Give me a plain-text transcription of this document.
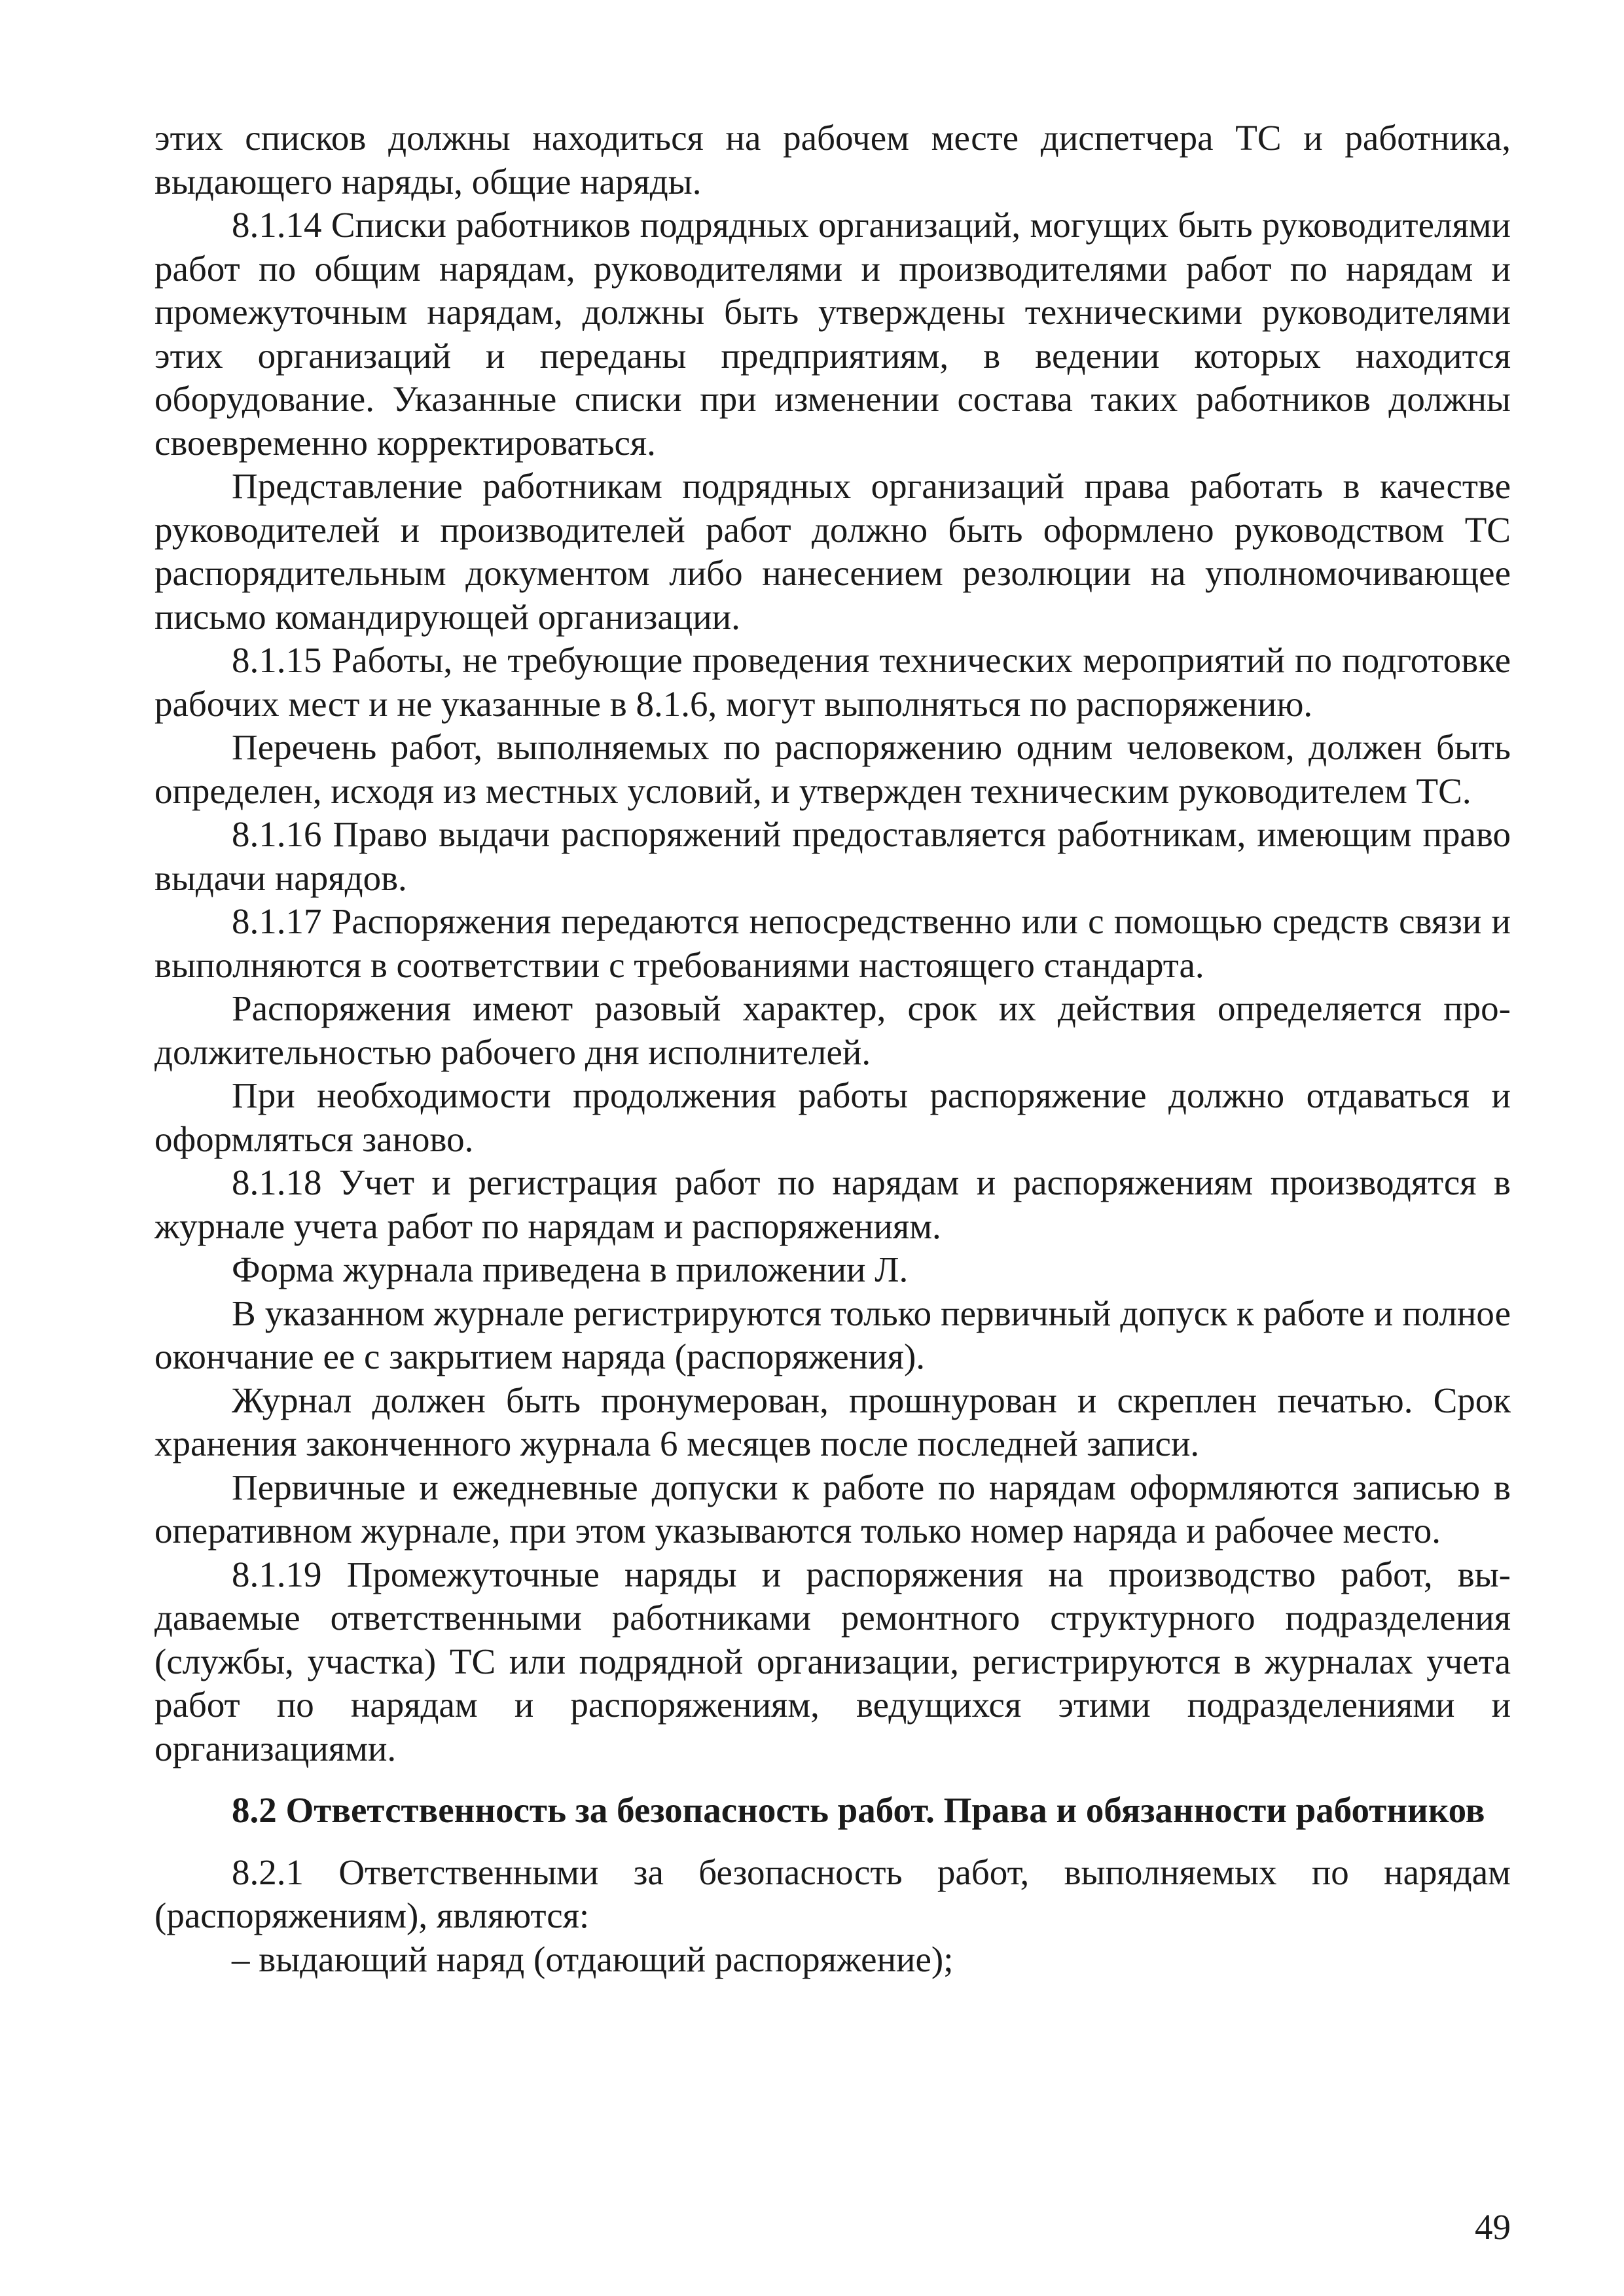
этих списков должны находиться на рабочем месте диспетчера ТС и работника, выдающего наряды, общие наряды.

8.1.14 Списки работников подрядных организаций, могущих быть руководителями работ по общим нарядам, руководителями и производителями работ по нарядам и промежуточным нарядам, должны быть утверждены техническими руководителями этих организаций и переданы предприятиям, в ведении которых находится оборудование. Указанные списки при изменении состава таких работников должны своевременно корректироваться.

Представление работникам подрядных организаций права работать в качестве руководителей и производителей работ должно быть оформлено руководством ТС распорядительным документом либо нанесением резолюции на уполномочивающее письмо командирующей организации.

8.1.15 Работы, не требующие проведения технических мероприятий по подготовке рабочих мест и не указанные в 8.1.6, могут выполняться по распоряжению.

Перечень работ, выполняемых по распоряжению одним человеком, должен быть определен, исходя из местных условий, и утвержден техническим руководителем ТС.

8.1.16 Право выдачи распоряжений предоставляется работникам, имеющим право выдачи нарядов.

8.1.17 Распоряжения передаются непосредственно или с помощью средств связи и выполняются в соответствии с требованиями настоящего стандарта.

Распоряжения имеют разовый характер, срок их действия определяется продолжительностью рабочего дня исполнителей.

При необходимости продолжения работы распоряжение должно отдаваться и оформляться заново.

8.1.18 Учет и регистрация работ по нарядам и распоряжениям производятся в журнале учета работ по нарядам и распоряжениям.

Форма журнала приведена в приложении Л.

В указанном журнале регистрируются только первичный допуск к работе и полное окончание ее с закрытием наряда (распоряжения).

Журнал должен быть пронумерован, прошнурован и скреплен печатью. Срок хранения законченного журнала 6 месяцев после последней записи.

Первичные и ежедневные допуски к работе по нарядам оформляются записью в оперативном журнале, при этом указываются только номер наряда и рабочее место.

8.1.19 Промежуточные наряды и распоряжения на производство работ, выдаваемые ответственными работниками ремонтного структурного подразделения (службы, участка) ТС или подрядной организации, регистрируются в журналах учета работ по нарядам и распоряжениям, ведущихся этими подразделениями и организациями.

8.2 Ответственность за безопасность работ. Права и обязанности работников

8.2.1 Ответственными за безопасность работ, выполняемых по нарядам (распоряжениям), являются:

– выдающий наряд (отдающий распоряжение);

49
